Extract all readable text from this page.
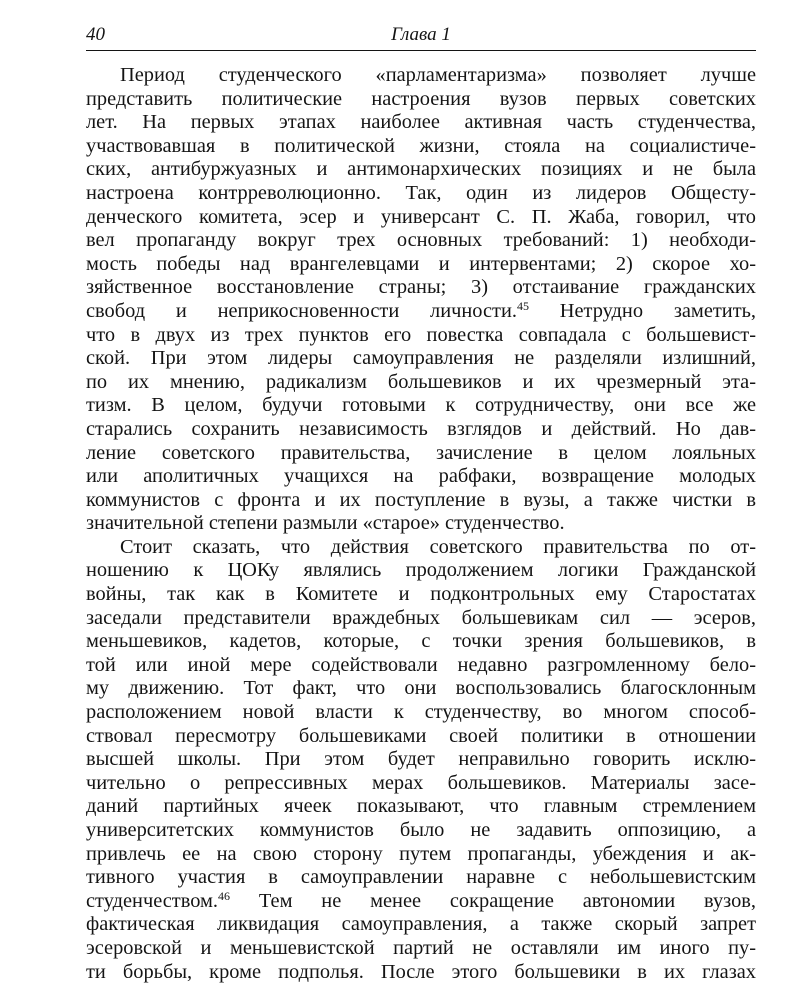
40	Глава 1
Период студенческого «парламентаризма» позволяет лучше
представить политические настроения вузов первых советских
лет. На первых этапах наиболее активная часть студенчества,
участвовавшая в политической жизни, стояла на социалистиче-
ских, антибуржуазных и антимонархических позициях и не была
настроена контрреволюционно. Так, один из лидеров Общесту-
денческого комитета, эсер и универсант С. П. Жаба, говорил, что
вел пропаганду вокруг трех основных требований: 1) необходи-
мость победы над врангелевцами и интервентами; 2) скорое хо-
зяйственное восстановление страны; 3) отстаивание гражданских
свобод и неприкосновенности личности.$^{45}$ Нетрудно заметить,
что в двух из трех пунктов его повестка совпадала с большевист-
ской. При этом лидеры самоуправления не разделяли излишний,
по их мнению, радикализм большевиков и их чрезмерный эта-
тизм. В целом, будучи готовыми к сотрудничеству, они все же
старались сохранить независимость взглядов и действий. Но дав-
ление советского правительства, зачисление в целом лояльных
или аполитичных учащихся на рабфаки, возвращение молодых
коммунистов с фронта и их поступление в вузы, а также чистки в
значительной степени размыли «старое» студенчество.
Стоит сказать, что действия советского правительства по от-
ношению к ЦОКу являлись продолжением логики Гражданской
войны, так как в Комитете и подконтрольных ему Старостатах
заседали представители враждебных большевикам сил — эсеров,
меньшевиков, кадетов, которые, с точки зрения большевиков, в
той или иной мере содействовали недавно разгромленному бело-
му движению. Тот факт, что они воспользовались благосклонным
расположением новой власти к студенчеству, во многом способ-
ствовал пересмотру большевиками своей политики в отношении
высшей школы. При этом будет неправильно говорить исклю-
чительно о репрессивных мерах большевиков. Материалы засе-
даний партийных ячеек показывают, что главным стремлением
университетских коммунистов было не задавить оппозицию, а
привлечь ее на свою сторону путем пропаганды, убеждения и ак-
тивного участия в самоуправлении наравне с небольшевистским
студенчеством.$^{46}$ Тем не менее сокращение автономии вузов,
фактическая ликвидация самоуправления, а также скорый запрет
эсеровской и меньшевистской партий не оставляли им иного пу-
ти борьбы, кроме подполья. После этого большевики в их глазах
